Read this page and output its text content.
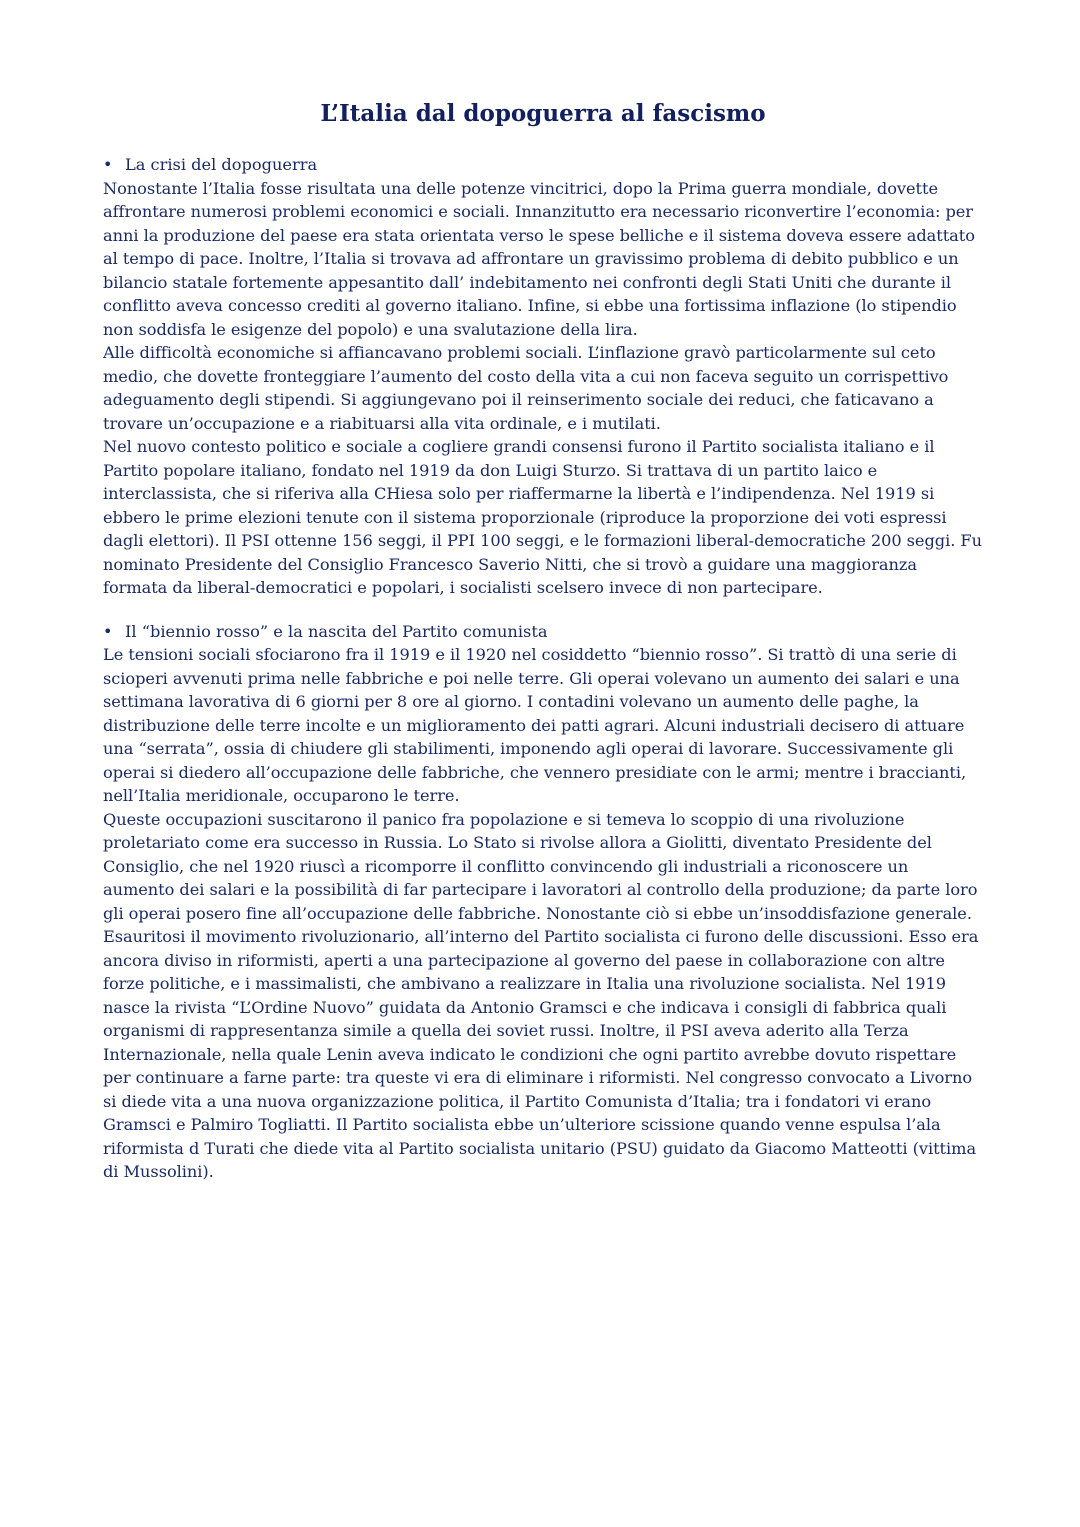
L’Italia dal dopoguerra al fascismo
• La crisi del dopoguerra

Nonostante l’Italia fosse risultata una delle potenze vincitrici, dopo la Prima guerra mondiale, dovette affrontare numerosi problemi economici e sociali. Innanzitutto era necessario riconvertire l’economia: per anni la produzione del paese era stata orientata verso le spese belliche e il sistema doveva essere adattato al tempo di pace. Inoltre, l’Italia si trovava ad affrontare un gravissimo problema di debito pubblico e un bilancio statale fortemente appesantito dall’ indebitamento nei confronti degli Stati Uniti che durante il conflitto aveva concesso crediti al governo italiano. Infine, si ebbe una fortissima inflazione (lo stipendio non soddisfa le esigenze del popolo) e una svalutazione della lira.

Alle difficoltà economiche si affiancavano problemi sociali. L’inflazione gravò particolarmente sul ceto medio, che dovette fronteggiare l’aumento del costo della vita a cui non faceva seguito un corrispettivo adeguamento degli stipendi. Si aggiungevano poi il reinserimento sociale dei reduci, che faticavano a trovare un’occupazione e a riabituarsi alla vita ordinale, e i mutilati.

Nel nuovo contesto politico e sociale a cogliere grandi consensi furono il Partito socialista italiano e il Partito popolare italiano, fondato nel 1919 da don Luigi Sturzo. Si trattava di un partito laico e interclassista, che si riferiva alla CHiesa solo per riaffermarne la libertà e l’indipendenza. Nel 1919 si ebbero le prime elezioni tenute con il sistema proporzionale (riproduce la proporzione dei voti espressi dagli elettori). Il PSI ottenne 156 seggi, il PPI 100 seggi, e le formazioni liberal-democratiche 200 seggi. Fu nominato Presidente del Consiglio Francesco Saverio Nitti, che si trovò a guidare una maggioranza formata da liberal-democratici e popolari, i socialisti scelsero invece di non partecipare.

• Il “biennio rosso” e la nascita del Partito comunista

Le tensioni sociali sfociarono fra il 1919 e il 1920 nel cosiddetto “biennio rosso”. Si trattò di una serie di scioperi avvenuti prima nelle fabbriche e poi nelle terre. Gli operai volevano un aumento dei salari e una settimana lavorativa di 6 giorni per 8 ore al giorno. I contadini volevano un aumento delle paghe, la distribuzione delle terre incolte e un miglioramento dei patti agrari. Alcuni industriali decisero di attuare una “serrata”, ossia di chiudere gli stabilimenti, imponendo agli operai di lavorare. Successivamente gli operai si diedero all’occupazione delle fabbriche, che vennero presidiate con le armi; mentre i braccianti, nell’Italia meridionale, occuparono le terre.

Queste occupazioni suscitarono il panico fra popolazione e si temeva lo scoppio di una rivoluzione proletariato come era successo in Russia. Lo Stato si rivolse allora a Giolitti, diventato Presidente del Consiglio, che nel 1920 riuscì a ricomporre il conflitto convincendo gli industriali a riconoscere un aumento dei salari e la possibilità di far partecipare i lavoratori al controllo della produzione; da parte loro gli operai posero fine all’occupazione delle fabbriche. Nonostante ciò si ebbe un’insoddisfazione generale.

Esauritosi il movimento rivoluzionario, all’interno del Partito socialista ci furono delle discussioni. Esso era ancora diviso in riformisti, aperti a una partecipazione al governo del paese in collaborazione con altre forze politiche, e i massimalisti, che ambivano a realizzare in Italia una rivoluzione socialista. Nel 1919 nasce la rivista “L’Ordine Nuovo” guidata da Antonio Gramsci e che indicava i consigli di fabbrica quali organismi di rappresentanza simile a quella dei soviet russi. Inoltre, il PSI aveva aderito alla Terza Internazionale, nella quale Lenin aveva indicato le condizioni che ogni partito avrebbe dovuto rispettare per continuare a farne parte: tra queste vi era di eliminare i riformisti. Nel congresso convocato a Livorno si diede vita a una nuova organizzazione politica, il Partito Comunista d’Italia; tra i fondatori vi erano Gramsci e Palmiro Togliatti. Il Partito socialista ebbe un’ulteriore scissione quando venne espulsa l’ala riformista d Turati che diede vita al Partito socialista unitario (PSU) guidato da Giacomo Matteotti (vittima di Mussolini).
